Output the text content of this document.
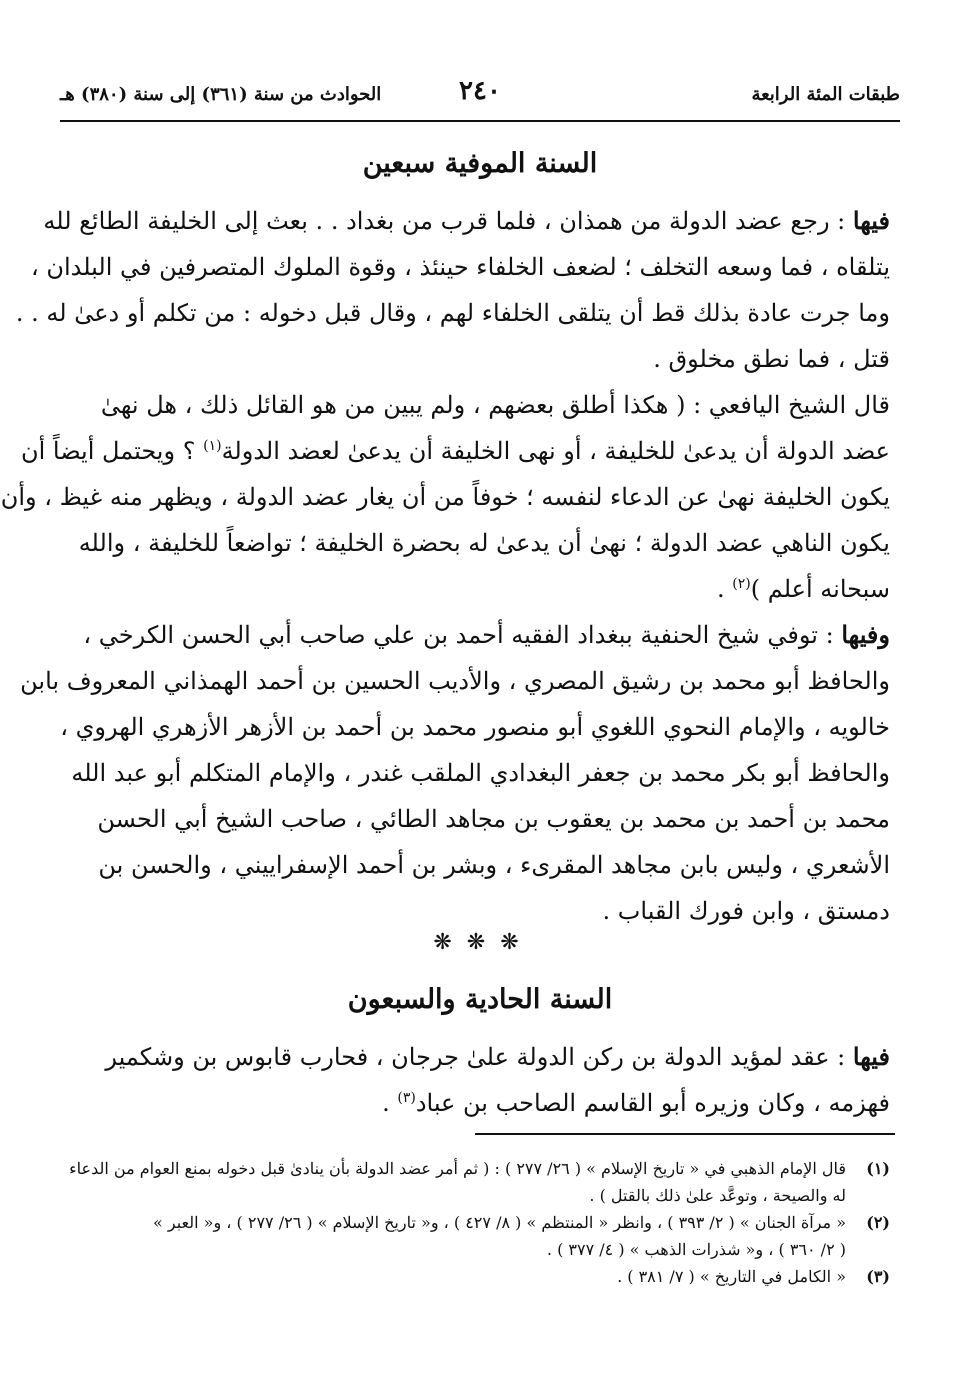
طبقات المئة الرابعة
٢٤٠
الحوادث من سنة (٣٦١) إلى سنة (٣٨٠) هـ
السنة الموفية سبعين
فيها : رجع عضد الدولة من همذان ، فلما قرب من بغداد . . بعث إلى الخليفة الطائع لله
يتلقاه ، فما وسعه التخلف ؛ لضعف الخلفاء حينئذ ، وقوة الملوك المتصرفين في البلدان ،
وما جرت عادة بذلك قط أن يتلقى الخلفاء لهم ، وقال قبل دخوله : من تكلم أو دعىٰ له . .
قتل ، فما نطق مخلوق .
قال الشيخ اليافعي : ( هكذا أطلق بعضهم ، ولم يبين من هو القائل ذلك ، هل نهىٰ
عضد الدولة أن يدعىٰ للخليفة ، أو نهى الخليفة أن يدعىٰ لعضد الدولة$^{(١)}$ ؟ ويحتمل أيضاً أن
يكون الخليفة نهىٰ عن الدعاء لنفسه ؛ خوفاً من أن يغار عضد الدولة ، ويظهر منه غيظ ، وأن
يكون الناهي عضد الدولة ؛ نهىٰ أن يدعىٰ له بحضرة الخليفة ؛ تواضعاً للخليفة ، والله
سبحانه أعلم )$^{(٢)}$ .
وفيها : توفي شيخ الحنفية ببغداد الفقيه أحمد بن علي صاحب أبي الحسن الكرخي ،
والحافظ أبو محمد بن رشيق المصري ، والأديب الحسين بن أحمد الهمذاني المعروف بابن
خالويه ، والإمام النحوي اللغوي أبو منصور محمد بن أحمد بن الأزهر الأزهري الهروي ،
والحافظ أبو بكر محمد بن جعفر البغدادي الملقب غندر ، والإمام المتكلم أبو عبد الله
محمد بن أحمد بن محمد بن يعقوب بن مجاهد الطائي ، صاحب الشيخ أبي الحسن
الأشعري ، وليس بابن مجاهد المقرىء ، وبشر بن أحمد الإسفراييني ، والحسن بن
دمستق ، وابن فورك القباب .
❋ ❋ ❋
السنة الحادية والسبعون
فيها : عقد لمؤيد الدولة بن ركن الدولة علىٰ جرجان ، فحارب قابوس بن وشكمير
فهزمه ، وكان وزيره أبو القاسم الصاحب بن عباد$^{(٣)}$ .
(١)
قال الإمام الذهبي في « تاريخ الإسلام » ( ٢٦/ ٢٧٧ ) : ( ثم أمر عضد الدولة بأن ينادىٰ قبل دخوله بمنع العوام من الدعاء
له والصيحة ، وتوعَّد علىٰ ذلك بالقتل ) .
(٢)
« مرآة الجنان » ( ٢/ ٣٩٣ ) ، وانظر « المنتظم » ( ٨/ ٤٢٧ ) ، و« تاريخ الإسلام » ( ٢٦/ ٢٧٧ ) ، و« العبر »
( ٢/ ٣٦٠ ) ، و« شذرات الذهب » ( ٤/ ٣٧٧ ) .
(٣)
« الكامل في التاريخ » ( ٧/ ٣٨١ ) .
